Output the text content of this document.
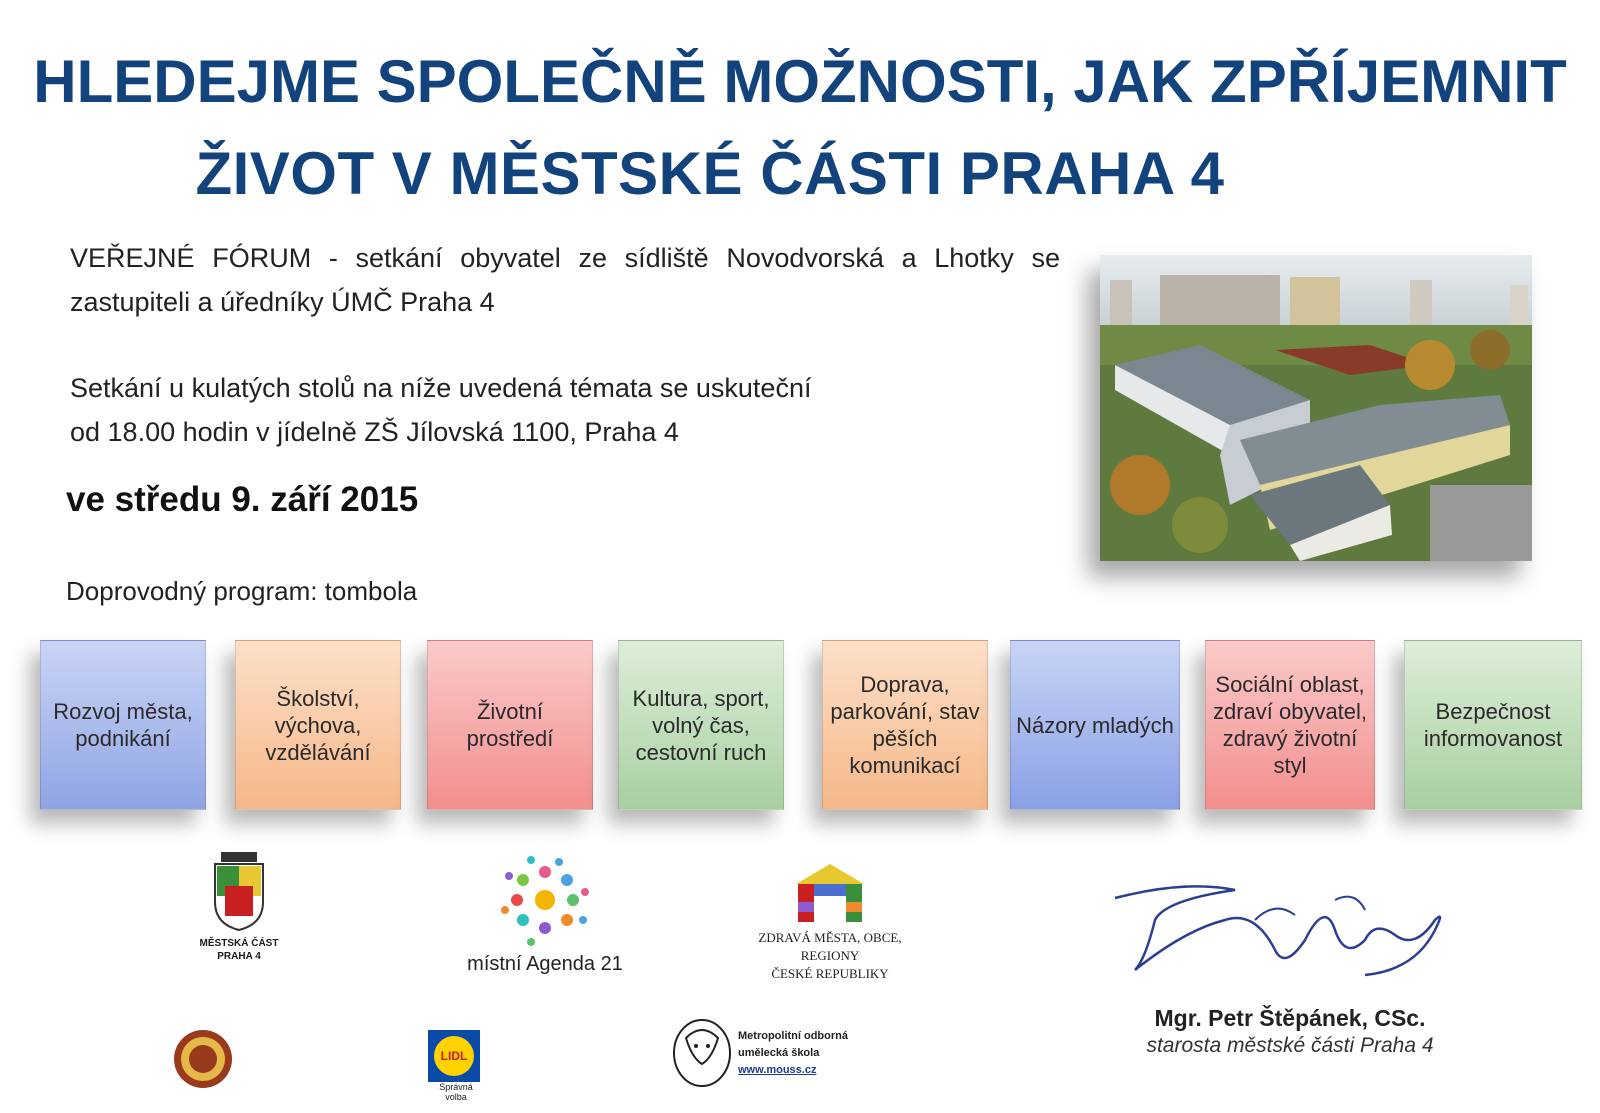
HLEDEJME SPOLEČNĚ MOŽNOSTI, JAK ZPŘÍJEMNIT
ŽIVOT V MĚSTSKÉ ČÁSTI PRAHA 4
VEŘEJNÉ FÓRUM - setkání obyvatel ze sídliště Novodvorská a Lhotky se zastupiteli a úředníky ÚMČ Praha 4
Setkání u kulatých stolů na níže uvedená témata se uskuteční
od 18.00 hodin v jídelně ZŠ Jílovská 1100, Praha 4
ve středu 9. září 2015
Doprovodný program: tombola
Rozvoj města, podnikání
Školství, výchova, vzdělávání
Životní prostředí
Kultura, sport, volný čas, cestovní ruch
Doprava, parkování, stav pěších komunikací
Názory mladých
Sociální oblast, zdraví obyvatel, zdravý životní styl
Bezpečnost informovanost
MĚSTSKÁ ČÁST
PRAHA 4	místní Agenda 21
ZDRAVÁ MĚSTA, OBCE, REGIONY
ČESKÉ REPUBLIKY
LIDL
Správná volba
Metropolitní odborná
umělecká škola
www.mouss.cz
Mgr. Petr Štěpánek, CSc.
starosta městské části Praha 4
